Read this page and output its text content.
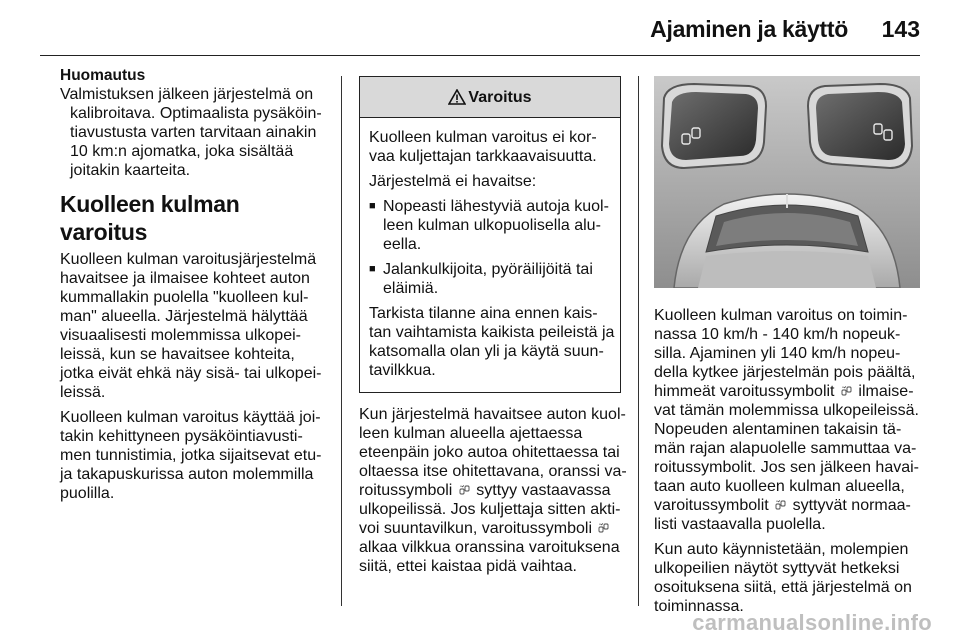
Ajaminen ja käyttö 143
Huomautus

Valmistuksen jälkeen järjestelmä on
kalibroitava. Optimaalista pysäköin-
tiavustusta varten tarvitaan ainakin
10 km:n ajomatka, joka sisältää
joitakin kaarteita.

Kuolleen kulman varoitus

Kuolleen kulman varoitusjärjestelmä
havaitsee ja ilmaisee kohteet auton
kummallakin puolella "kuolleen kul-
man" alueella. Järjestelmä hälyttää
visuaalisesti molemmissa ulkopei-
leissä, kun se havaitsee kohteita,
jotka eivät ehkä näy sisä- tai ulkopei-
leissä.

Kuolleen kulman varoitus käyttää joi-
takin kehittyneen pysäköintiavusti-
men tunnistimia, jotka sijaitsevat etu-
ja takapuskurissa auton molemmilla
puolilla.

Varoitus

Kuolleen kulman varoitus ei kor-
vaa kuljettajan tarkkaavaisuutta.

Järjestelmä ei havaitse:

■ Nopeasti lähestyviä autoja kuol-
leen kulman ulkopuolisella alu-
eella.
■ Jalankulkijoita, pyöräilijöitä tai
eläimiä.

Tarkista tilanne aina ennen kais-
tan vaihtamista kaikista peileistä ja
katsomalla olan yli ja käytä suun-
tavilkkua.

Kun järjestelmä havaitsee auton kuol-
leen kulman alueella ajettaessa
eteenpäin joko autoa ohitettaessa tai
oltaessa itse ohitettavana, oranssi va-
roitussymboli syttyy vastaavassa
ulkopeilissä. Jos kuljettaja sitten akti-
voi suuntavilkun, varoitussymboli
alkaa vilkkua oranssina varoituksena
siitä, ettei kaistaa pidä vaihtaa.

Kuolleen kulman varoitus on toimin-
nassa 10 km/h - 140 km/h nopeuk-
silla. Ajaminen yli 140 km/h nopeu-
della kytkee järjestelmän pois päältä,
himmeät varoitussymbolit ilmaise-
vat tämän molemmissa ulkopeileissä.
Nopeuden alentaminen takaisin tä-
män rajan alapuolelle sammuttaa va-
roitussymbolit. Jos sen jälkeen havai-
taan auto kuolleen kulman alueella,
varoitussymbolit syttyvät normaa-
listi vastaavalla puolella.

Kun auto käynnistetään, molempien
ulkopeilien näytöt syttyvät hetkeksi
osoituksena siitä, että järjestelmä on
toiminnassa.

carmanualsonline.info
